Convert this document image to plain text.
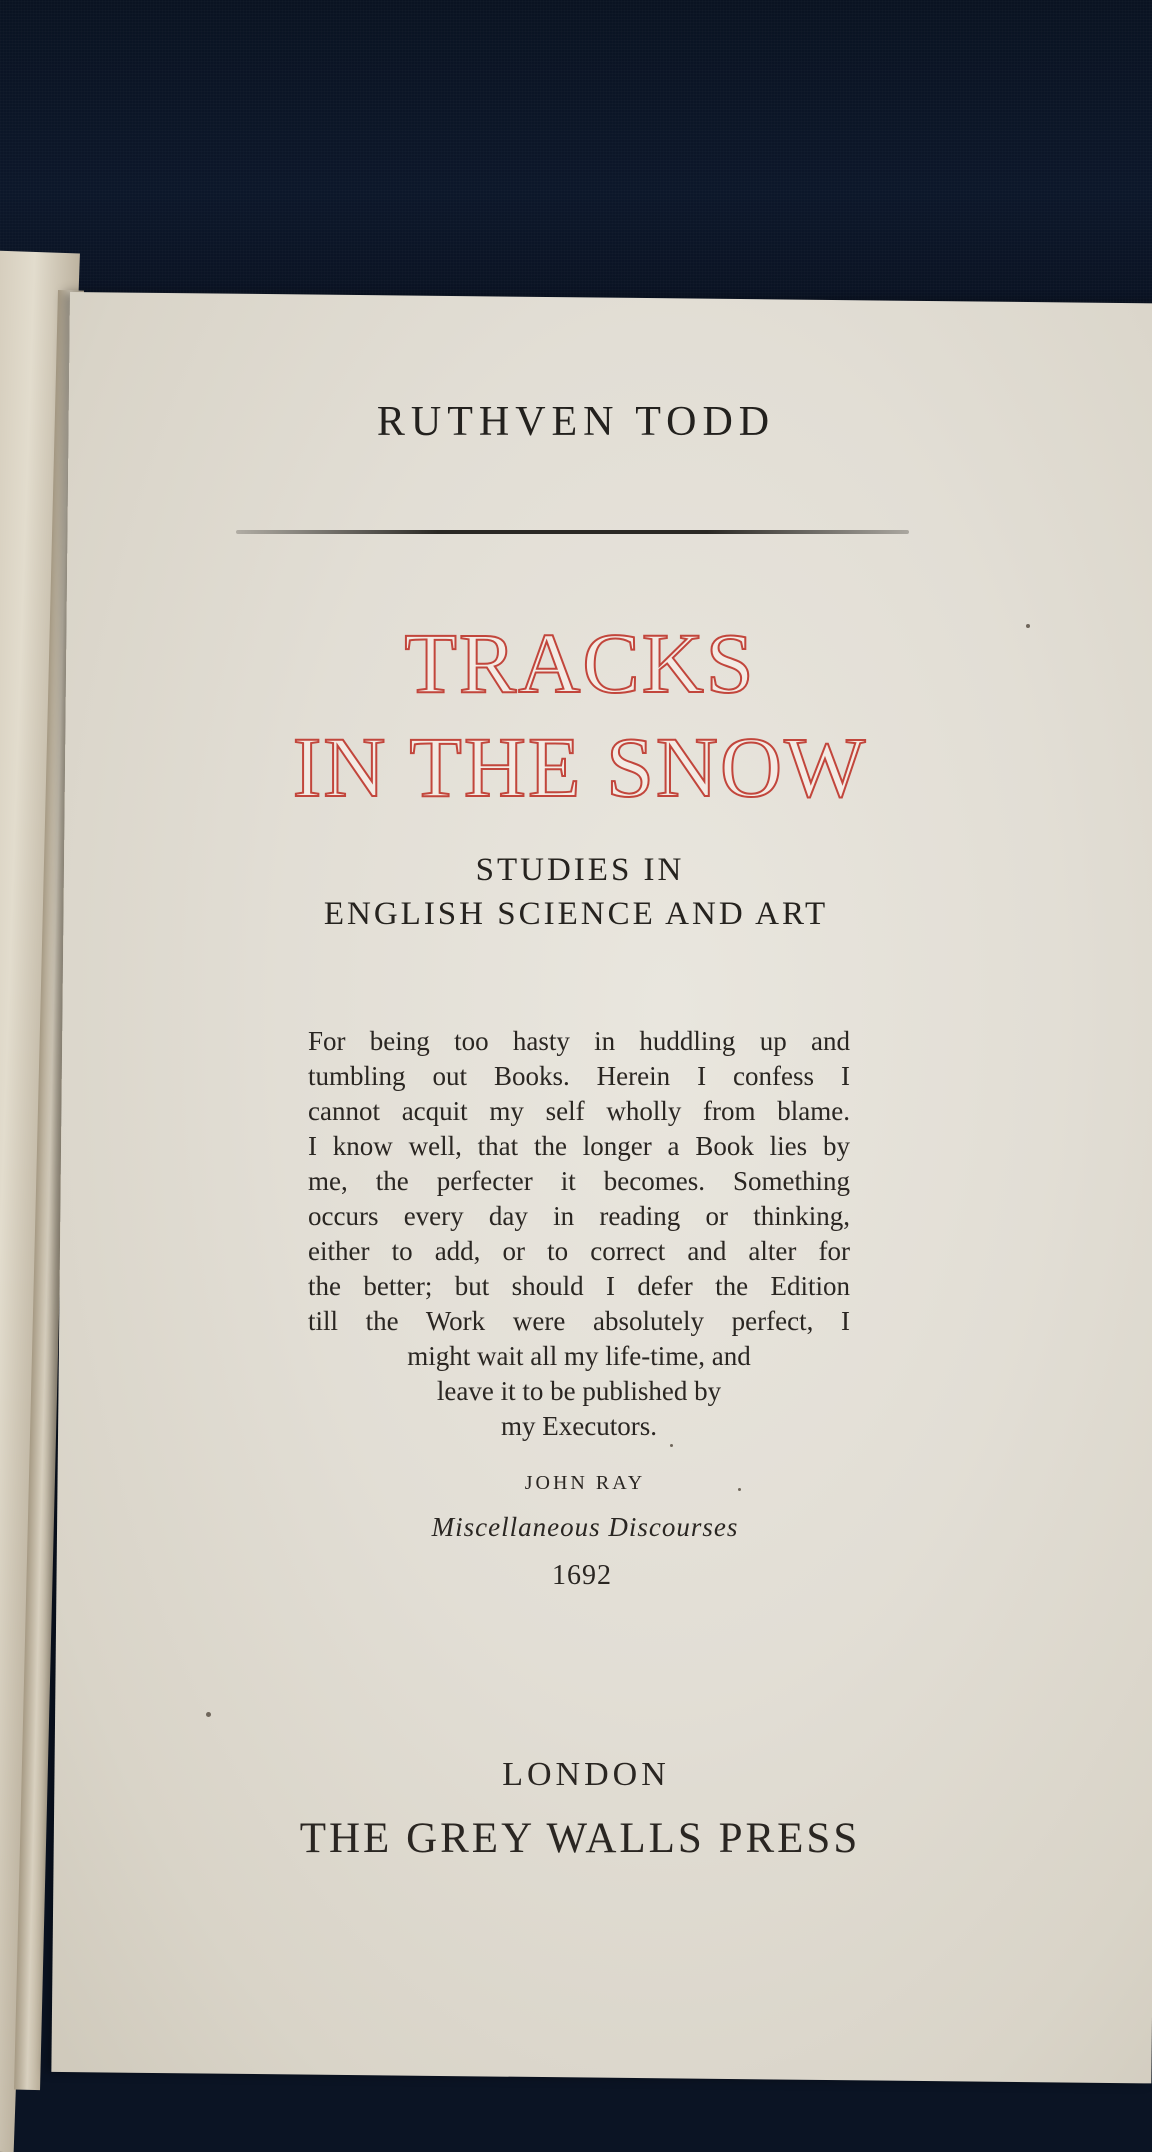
RUTHVEN TODD
TRACKS
IN THE SNOW
STUDIES IN
ENGLISH SCIENCE AND ART
For being too hasty in huddling up and
tumbling out Books. Herein I confess I
cannot acquit my self wholly from blame.
I know well, that the longer a Book lies by
me, the perfecter it becomes. Something
occurs every day in reading or thinking,
either to add, or to correct and alter for
the better; but should I defer the Edition
till the Work were absolutely perfect, I
might wait all my life-time, and
leave it to be published by
my Executors.
JOHN RAY
Miscellaneous Discourses
1692
LONDON
THE GREY WALLS PRESS
